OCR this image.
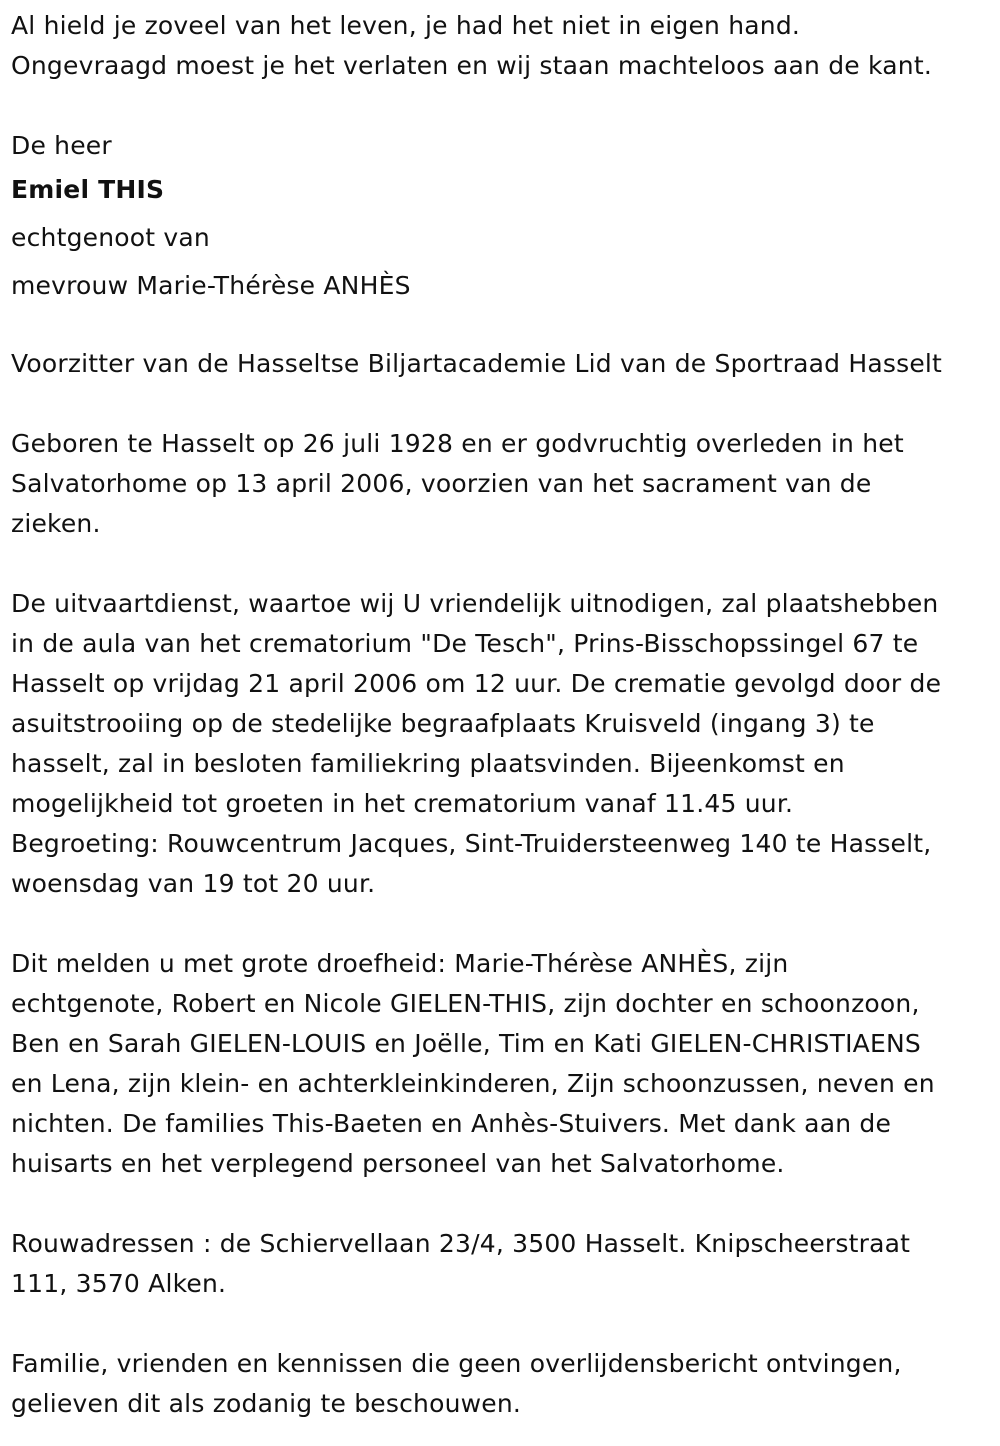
Al hield je zoveel van het leven, je had het niet in eigen hand.

Ongevraagd moest je het verlaten en wij staan machteloos aan de kant.

De heer

Emiel THIS

echtgenoot van

mevrouw Marie-Thérèse ANHÈS

Voorzitter van de Hasseltse Biljartacademie Lid van de Sportraad Hasselt

Geboren te Hasselt op 26 juli 1928 en er godvruchtig overleden in het

Salvatorhome op 13 april 2006, voorzien van het sacrament van de

zieken.

De uitvaartdienst, waartoe wij U vriendelijk uitnodigen, zal plaatshebben

in de aula van het crematorium "De Tesch", Prins-Bisschopssingel 67 te

Hasselt op vrijdag 21 april 2006 om 12 uur. De crematie gevolgd door de

asuitstrooiing op de stedelijke begraafplaats Kruisveld (ingang 3) te

hasselt, zal in besloten familiekring plaatsvinden. Bijeenkomst en

mogelijkheid tot groeten in het crematorium vanaf 11.45 uur.

Begroeting: Rouwcentrum Jacques, Sint-Truidersteenweg 140 te Hasselt,

woensdag van 19 tot 20 uur.

Dit melden u met grote droefheid: Marie-Thérèse ANHÈS, zijn

echtgenote, Robert en Nicole GIELEN-THIS, zijn dochter en schoonzoon,

Ben en Sarah GIELEN-LOUIS en Joëlle, Tim en Kati GIELEN-CHRISTIAENS

en Lena, zijn klein- en achterkleinkinderen, Zijn schoonzussen, neven en

nichten. De families This-Baeten en Anhès-Stuivers. Met dank aan de

huisarts en het verplegend personeel van het Salvatorhome.

Rouwadressen : de Schiervellaan 23/4, 3500 Hasselt. Knipscheerstraat

111, 3570 Alken.

Familie, vrienden en kennissen die geen overlijdensbericht ontvingen,

gelieven dit als zodanig te beschouwen.
